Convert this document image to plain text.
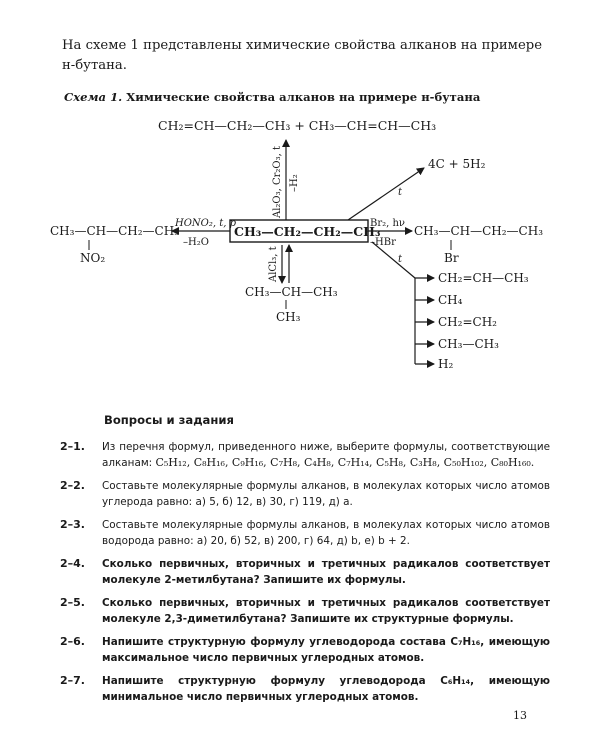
На схеме 1 представлены химические свойства алканов на примере н-бутана.
Схема 1. Химические свойства алканов на примере н-бутана
CH₂=CH—CH₂—CH₃ + CH₃—CH=CH—CH₃
Al₂O₃, Cr₂O₃, t –H₂
CH₃—CH₂—CH₂—CH₃
HONO₂, t, p
–H₂O
CH₃—CH—CH₂—CH₃
NO₂
Br₂, hν
–HBr
CH₃—CH—CH₂—CH₃
Br
t
4C + 5H₂
t
CH₂=CH—CH₃
CH₄
CH₂=CH₂
CH₃—CH₃
H₂
AlCl₃, t
CH₃—CH—CH₃
CH₃
Вопросы и задания
2–1.	Из перечня формул, приведенного ниже, выберите формулы, соответствующие алканам: C₅H₁₂, C₈H₁₆, C₉H₁₆, C₇H₈, C₄H₈, C₇H₁₄, C₅H₈, C₃H₈, C₅₀H₁₀₂, C₈₀H₁₆₀.
2–2.	Составьте молекулярные формулы алканов, в молекулах которых число атомов углерода равно: а) 5, б) 12, в) 30, г) 119, д) a.
2–3.	Составьте молекулярные формулы алканов, в молекулах которых число атомов водорода равно: а) 20, б) 52, в) 200, г) 64, д) b, е) b + 2.
2–4.	Сколько первичных, вторичных и третичных радикалов соответствует молекуле 2-метилбутана? Запишите их формулы.
2–5.	Сколько первичных, вторичных и третичных радикалов соответствует молекуле 2,3-диметилбутана? Запишите их структурные формулы.
2–6.	Напишите структурную формулу углеводорода состава C₇H₁₆, имеющую максимальное число первичных углеродных атомов.
2–7.	Напишите структурную формулу углеводорода C₆H₁₄, имеющую минимальное число первичных углеродных атомов.
13
